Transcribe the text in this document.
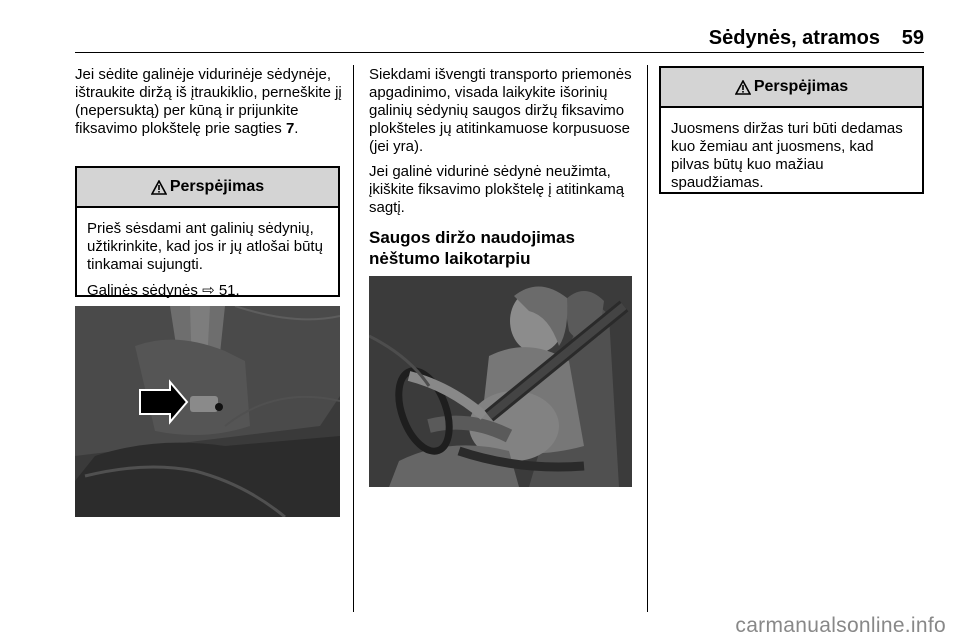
Sėdynės, atramos 59

Jei sėdite galinėje vidurinėje sėdynėje, ištraukite diržą iš įtraukiklio, perneškite jį (nepersuktą) per kūną ir prijunkite fiksavimo plokštelę prie sagties 7.

Perspėjimas

Prieš sėsdami ant galinių sėdynių, užtikrinkite, kad jos ir jų atlošai būtų tinkamai sujungti.

Galinės sėdynės ⇨ 51.

Siekdami išvengti transporto priemonės apgadinimo, visada laikykite išorinių galinių sėdynių saugos diržų fiksavimo plokšteles jų atitinkamuose korpusuose (jei yra).

Jei galinė vidurinė sėdynė neužimta, įkiškite fiksavimo plokštelę į atitinkamą sagtį.

Saugos diržo naudojimas nėštumo laikotarpiu
Perspėjimas

Juosmens diržas turi būti dedamas kuo žemiau ant juosmens, kad pilvas būtų kuo mažiau spaudžiamas.

carmanualsonline.info
